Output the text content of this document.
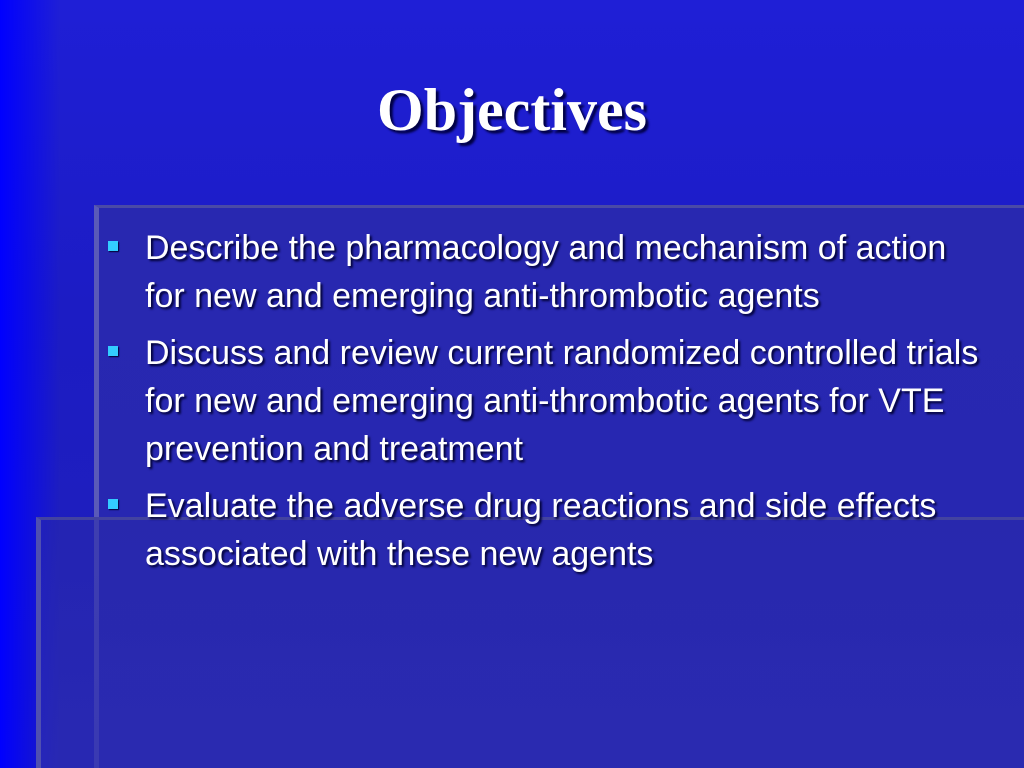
Objectives
Describe the pharmacology and mechanism of action for new and emerging anti-thrombotic agents
Discuss and review current randomized controlled trials for new and emerging anti-thrombotic agents for VTE prevention and treatment
Evaluate the adverse drug reactions and side effects associated with these new agents
